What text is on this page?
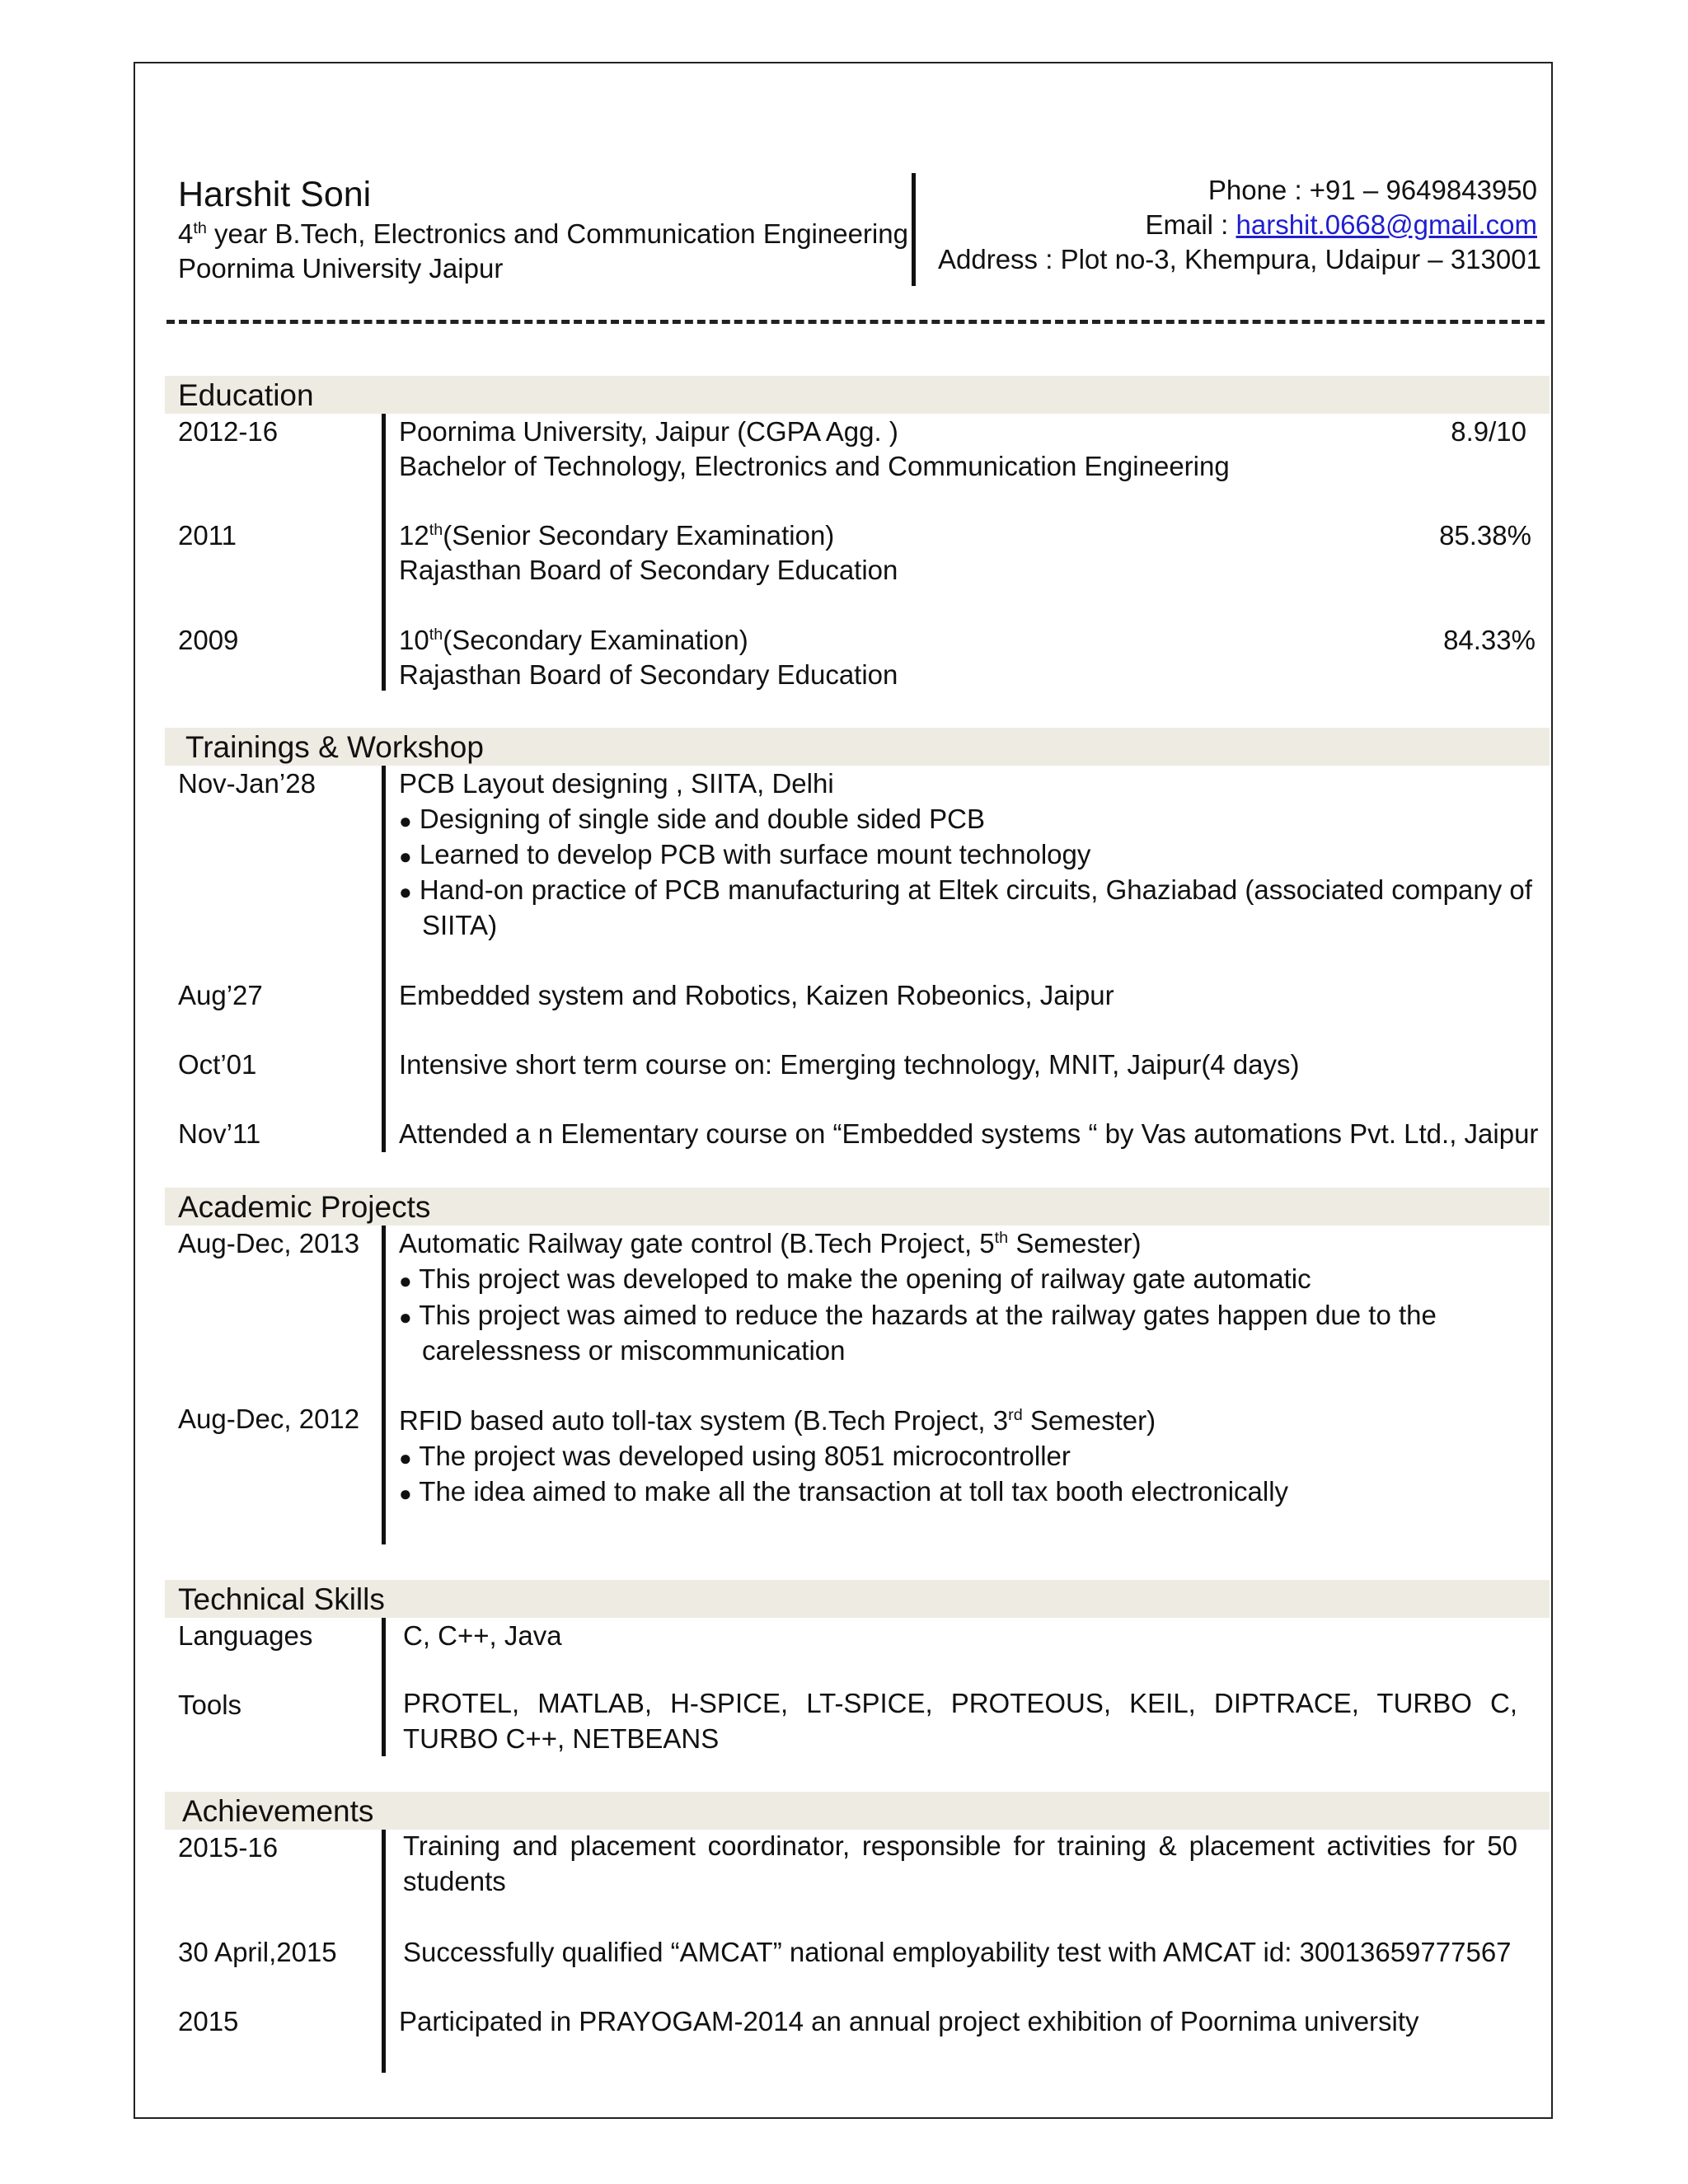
Harshit Soni
4th year B.Tech, Electronics and Communication Engineering
Poornima University Jaipur
Phone : +91 – 9649843950
Email : harshit.0668@gmail.com
Address : Plot no-3, Khempura, Udaipur – 313001
Education
2012-16	Poornima University, Jaipur (CGPA Agg. )	8.9/10
Bachelor of Technology, Electronics and Communication Engineering
2011	12th(Senior Secondary Examination)	85.38%
Rajasthan Board of Secondary Education
2009	10th(Secondary Examination)	84.33%
Rajasthan Board of Secondary Education
Trainings & Workshop
Nov-Jan’28	PCB Layout designing , SIITA, Delhi
● Designing of single side and double sided PCB
● Learned to develop PCB with surface mount technology
● Hand-on practice of PCB manufacturing at Eltek circuits, Ghaziabad (associated company of
SIITA)
Aug’27	Embedded system and Robotics, Kaizen Robeonics, Jaipur
Oct’01	Intensive short term course on: Emerging technology, MNIT, Jaipur(4 days)
Nov’11	Attended a n Elementary course on “Embedded systems “ by Vas automations Pvt. Ltd., Jaipur
Academic Projects
Aug-Dec, 2013 Automatic Railway gate control (B.Tech Project, 5th Semester)
● This project was developed to make the opening of railway gate automatic
● This project was aimed to reduce the hazards at the railway gates happen due to the
carelessness or miscommunication
Aug-Dec, 2012 RFID based auto toll-tax system (B.Tech Project, 3rd Semester)
● The project was developed using 8051 microcontroller
● The idea aimed to make all the transaction at toll tax booth electronically
Technical Skills
Languages	C, C++, Java
Tools	PROTEL, MATLAB, H-SPICE, LT-SPICE, PROTEOUS, KEIL, DIPTRACE, TURBO C, TURBO C++, NETBEANS
Achievements
2015-16	Training and placement coordinator, responsible for training & placement activities for 50 students
30 April,2015 Successfully qualified “AMCAT” national employability test with AMCAT id: 30013659777567
2015	Participated in PRAYOGAM-2014 an annual project exhibition of Poornima university
